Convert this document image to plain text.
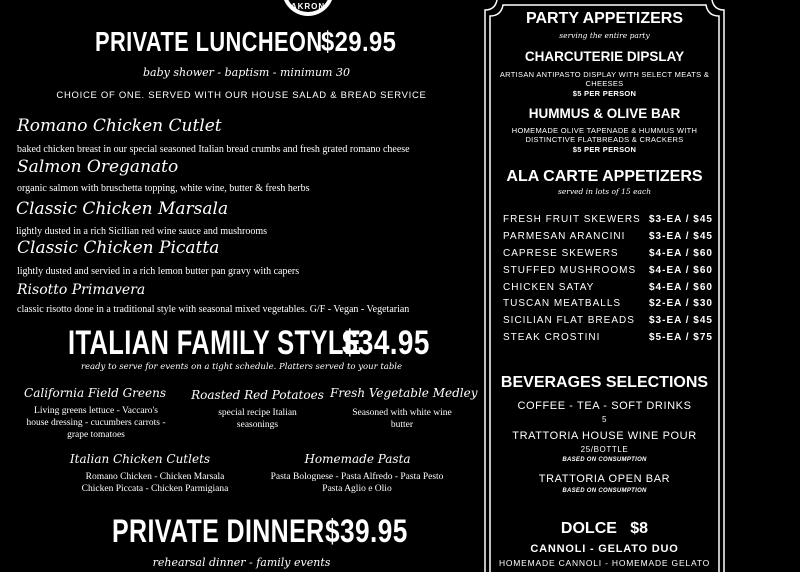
AKRON
PRIVATE LUNCHEON
$29.95
baby shower - baptism - minimum 30
CHOICE OF ONE. SERVED WITH OUR HOUSE SALAD & BREAD SERVICE
Romano Chicken Cutlet
baked chicken breast in our special seasoned Italian bread crumbs and fresh grated romano cheese
Salmon Oreganato
organic salmon with bruschetta topping, white wine, butter & fresh herbs
Classic Chicken Marsala
lightly dusted in a rich Sicilian red wine sauce and mushrooms
Classic Chicken Picatta
lightly dusted and servied in a rich lemon butter pan gravy with capers
Risotto Primavera
classic risotto done in a traditional style with seasonal mixed vegetables. G/F - Vegan - Vegetarian
ITALIAN FAMILY STYLE
$34.95
ready to serve for events on a tight schedule. Platters served to your table
California Field Greens
Living greens lettuce - Vaccaro's house dressing - cucumbers carrots - grape tomatoes
Roasted Red Potatoes
special recipe Italian seasonings
Fresh Vegetable Medley
Seasoned with white wine butter
Italian Chicken Cutlets
Romano Chicken - Chicken Marsala Chicken Piccata - Chicken Parmigiana
Homemade Pasta
Pasta Bolognese - Pasta Alfredo - Pasta Pesto Pasta Aglio e Olio
PRIVATE DINNER $39.95
rehearsal dinner - family events
PARTY APPETIZERS
serving the entire party
CHARCUTERIE DIPSLAY
ARTISAN ANTIPASTO DISPLAY WITH SELECT MEATS &
CHEESES
$5 PER PERSON
HUMMUS & OLIVE BAR
HOMEMADE OLIVE TAPENADE & HUMMUS WITH
DISTINCTIVE FLATBREADS & CRACKERS
$5 PER PERSON
ALA CARTE APPETIZERS
served in lots of 15 each
FRESH FRUIT SKEWERS $3-EA / $45
PARMESAN ARANCINI $3-EA / $45
CAPRESE SKEWERS	$4-EA / $60
STUFFED MUSHROOMS $4-EA / $60
CHICKEN SATAY	$4-EA / $60
TUSCAN MEATBALLS	$2-EA / $30
SICILIAN FLAT BREADS $3-EA / $45
STEAK CROSTINI	$5-EA / $75
BEVERAGES SELECTIONS
COFFEE - TEA - SOFT DRINKS
5
TRATTORIA HOUSE WINE POUR
25/BOTTLE
BASED ON CONSUMPTION
TRATTORIA OPEN BAR
BASED ON CONSUMPTION
DOLCE   $8
CANNOLI - GELATO DUO
HOMEMADE CANNOLI - HOMEMADE GELATO
